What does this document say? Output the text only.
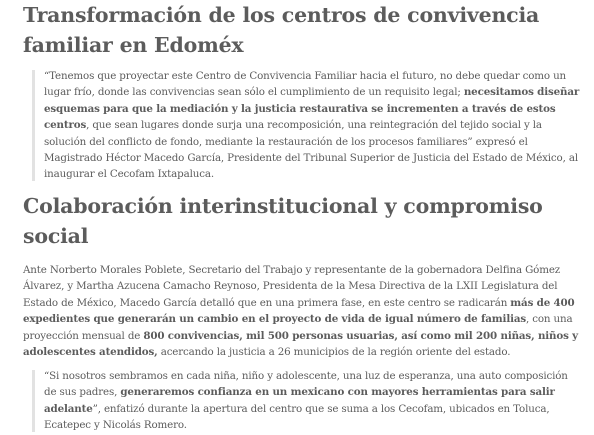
Transformación de los centros de convivencia familiar en Edoméx
“Tenemos que proyectar este Centro de Convivencia Familiar hacia el futuro, no debe quedar como un lugar frío, donde las convivencias sean sólo el cumplimiento de un requisito legal; necesitamos diseñar esquemas para que la mediación y la justicia restaurativa se incrementen a través de estos centros, que sean lugares donde surja una recomposición, una reintegración del tejido social y la solución del conflicto de fondo, mediante la restauración de los procesos familiares” expresó el Magistrado Héctor Macedo García, Presidente del Tribunal Superior de Justicia del Estado de México, al inaugurar el Cecofam Ixtapaluca.
Colaboración interinstitucional y compromiso social

Ante Norberto Morales Poblete, Secretario del Trabajo y representante de la gobernadora Delfina Gómez Álvarez, y Martha Azucena Camacho Reynoso, Presidenta de la Mesa Directiva de la LXII Legislatura del Estado de México, Macedo García detalló que en una primera fase, en este centro se radicarán más de 400 expedientes que generarán un cambio en el proyecto de vida de igual número de familias, con una proyección mensual de 800 convivencias, mil 500 personas usuarias, así como mil 200 niñas, niños y adolescentes atendidos, acercando la justicia a 26 municipios de la región oriente del estado.

“Si nosotros sembramos en cada niña, niño y adolescente, una luz de esperanza, una auto composición de sus padres, generaremos confianza en un mexicano con mayores herramientas para salir adelante”, enfatizó durante la apertura del centro que se suma a los Cecofam, ubicados en Toluca, Ecatepec y Nicolás Romero.
